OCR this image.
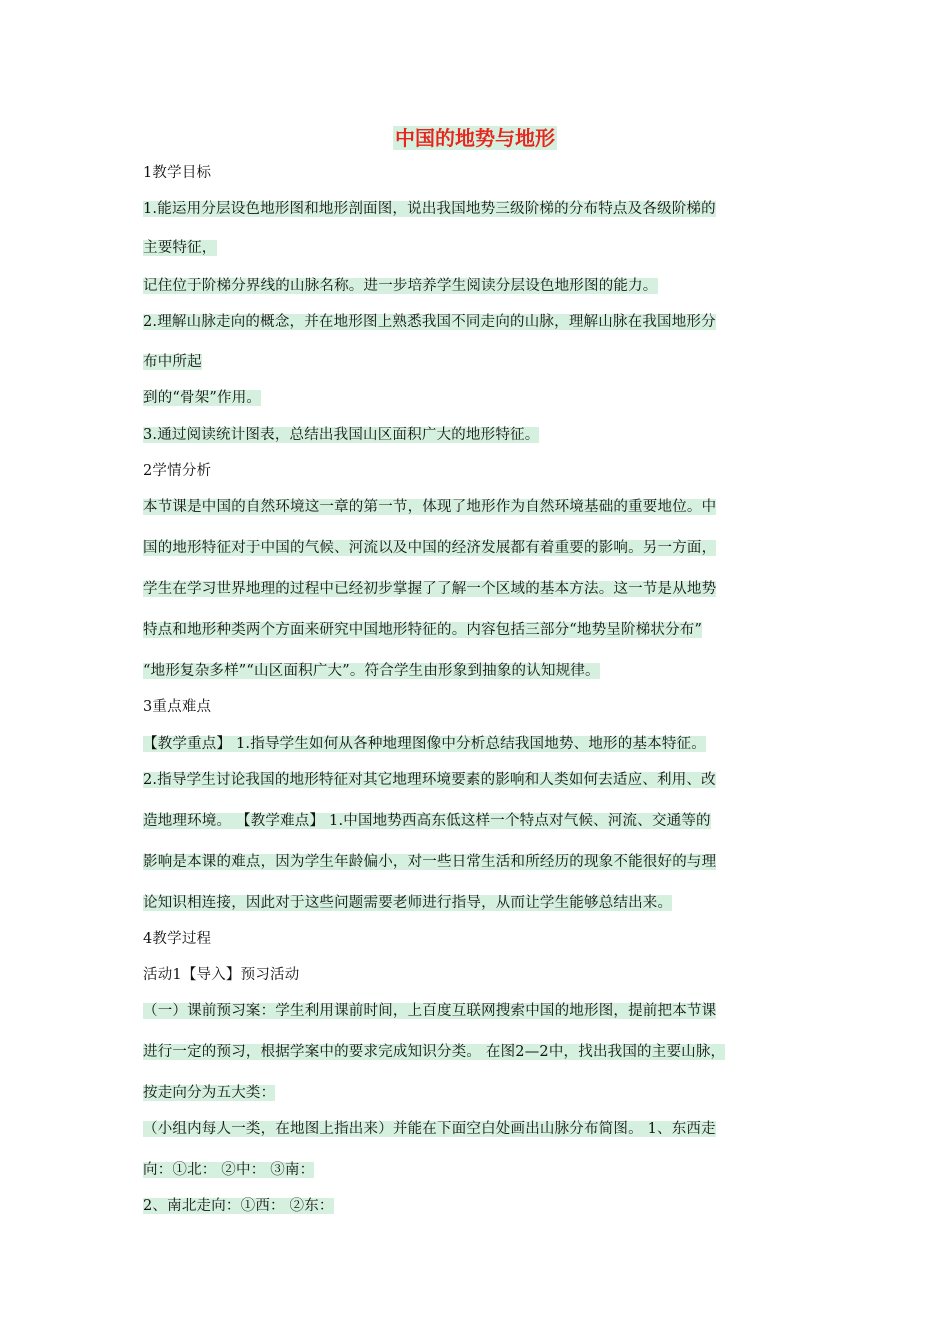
中国的地势与地形
1教学目标
1.能运用分层设色地形图和地形剖面图，说出我国地势三级阶梯的分布特点及各级阶梯的
主要特征，
记住位于阶梯分界线的山脉名称。进一步培养学生阅读分层设色地形图的能力。
2.理解山脉走向的概念，并在地形图上熟悉我国不同走向的山脉，理解山脉在我国地形分
布中所起
到的“骨架”作用。
3.通过阅读统计图表，总结出我国山区面积广大的地形特征。
2学情分析
本节课是中国的自然环境这一章的第一节，体现了地形作为自然环境基础的重要地位。中
国的地形特征对于中国的气候、河流以及中国的经济发展都有着重要的影响。另一方面，
学生在学习世界地理的过程中已经初步掌握了了解一个区域的基本方法。这一节是从地势
特点和地形种类两个方面来研究中国地形特征的。内容包括三部分“地势呈阶梯状分布”
“地形复杂多样”“山区面积广大”。符合学生由形象到抽象的认知规律。
3重点难点
【教学重点】 1.指导学生如何从各种地理图像中分析总结我国地势、地形的基本特征。
2.指导学生讨论我国的地形特征对其它地理环境要素的影响和人类如何去适应、利用、改
造地理环境。 【教学难点】 1.中国地势西高东低这样一个特点对气候、河流、交通等的
影响是本课的难点，因为学生年龄偏小，对一些日常生活和所经历的现象不能很好的与理
论知识相连接，因此对于这些问题需要老师进行指导，从而让学生能够总结出来。
4教学过程
活动1【导入】预习活动
（一）课前预习案：学生利用课前时间，上百度互联网搜索中国的地形图，提前把本节课
进行一定的预习，根据学案中的要求完成知识分类。 在图2—2中，找出我国的主要山脉，
按走向分为五大类：
（小组内每人一类，在地图上指出来）并能在下面空白处画出山脉分布简图。 1、东西走
向：①北： ②中： ③南：
2、南北走向：①西： ②东：
